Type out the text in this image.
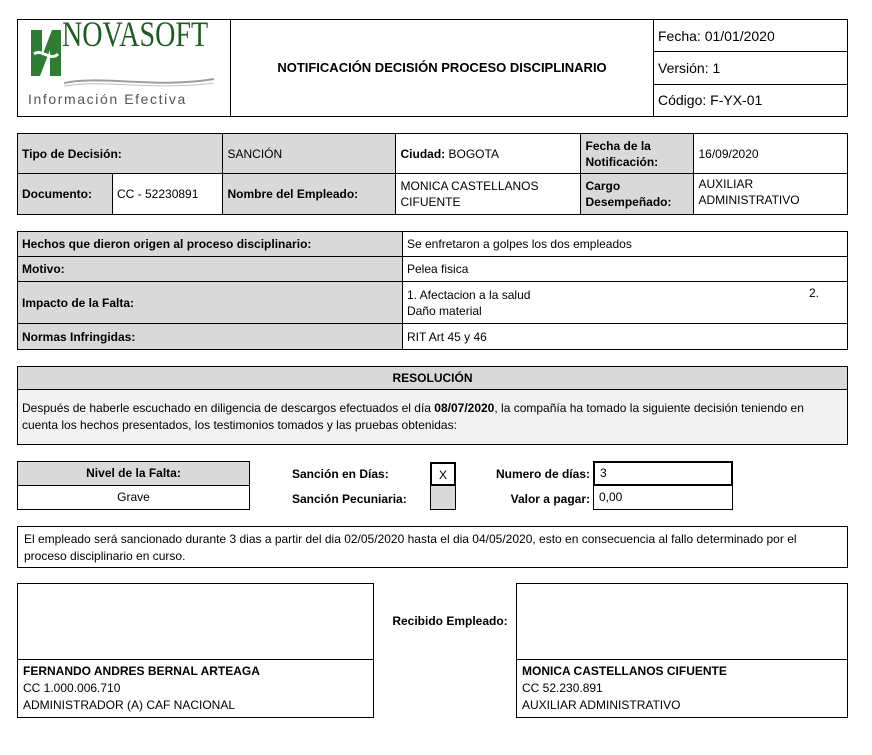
NOVASOFT
Información Efectiva
	NOTIFICACIÓN DECISIÓN PROCESO DISCIPLINARIO	Fecha: 01/01/2020
Versión: 1
Código: F-YX-01
Tipo de Decisión:		SANCIÓN	Ciudad: BOGOTA	Fecha de la Notificación:	16/09/2020
Documento:	CC - 52230891	Nombre del Empleado:	MONICA CASTELLANOS CIFUENTE	Cargo Desempeñado:	AUXILIAR ADMINISTRATIVO
Hechos que dieron origen al proceso disciplinario:	Se enfretaron a golpes los dos empleados
Motivo:	Pelea fisica
Impacto de la Falta:	1. Afectacion a la salud
Daño material
2.

Normas Infringidas:	RIT Art 45 y 46
RESOLUCIÓN
Después de haberle escuchado en diligencia de descargos efectuados el día 08/07/2020, la compañía ha tomado la siguiente decisión teniendo en cuenta los hechos presentados, los testimonios tomados y las pruebas obtenidas:
Nivel de la Falta:
Grave
Sanción en Días:	X
Sanción Pecuniaria:
Numero de días: 3
Valor a pagar: 0,00
El empleado será sancionado durante 3 dias a partir del dia 02/05/2020 hasta el dia 04/05/2020, esto en consecuencia al fallo determinado por el proceso disciplinario en curso.
FERNANDO ANDRES BERNAL ARTEAGA
CC 1.000.006.710
ADMINISTRADOR (A) CAF NACIONAL
Recibido Empleado:
MONICA CASTELLANOS CIFUENTE
CC 52.230.891
AUXILIAR ADMINISTRATIVO
